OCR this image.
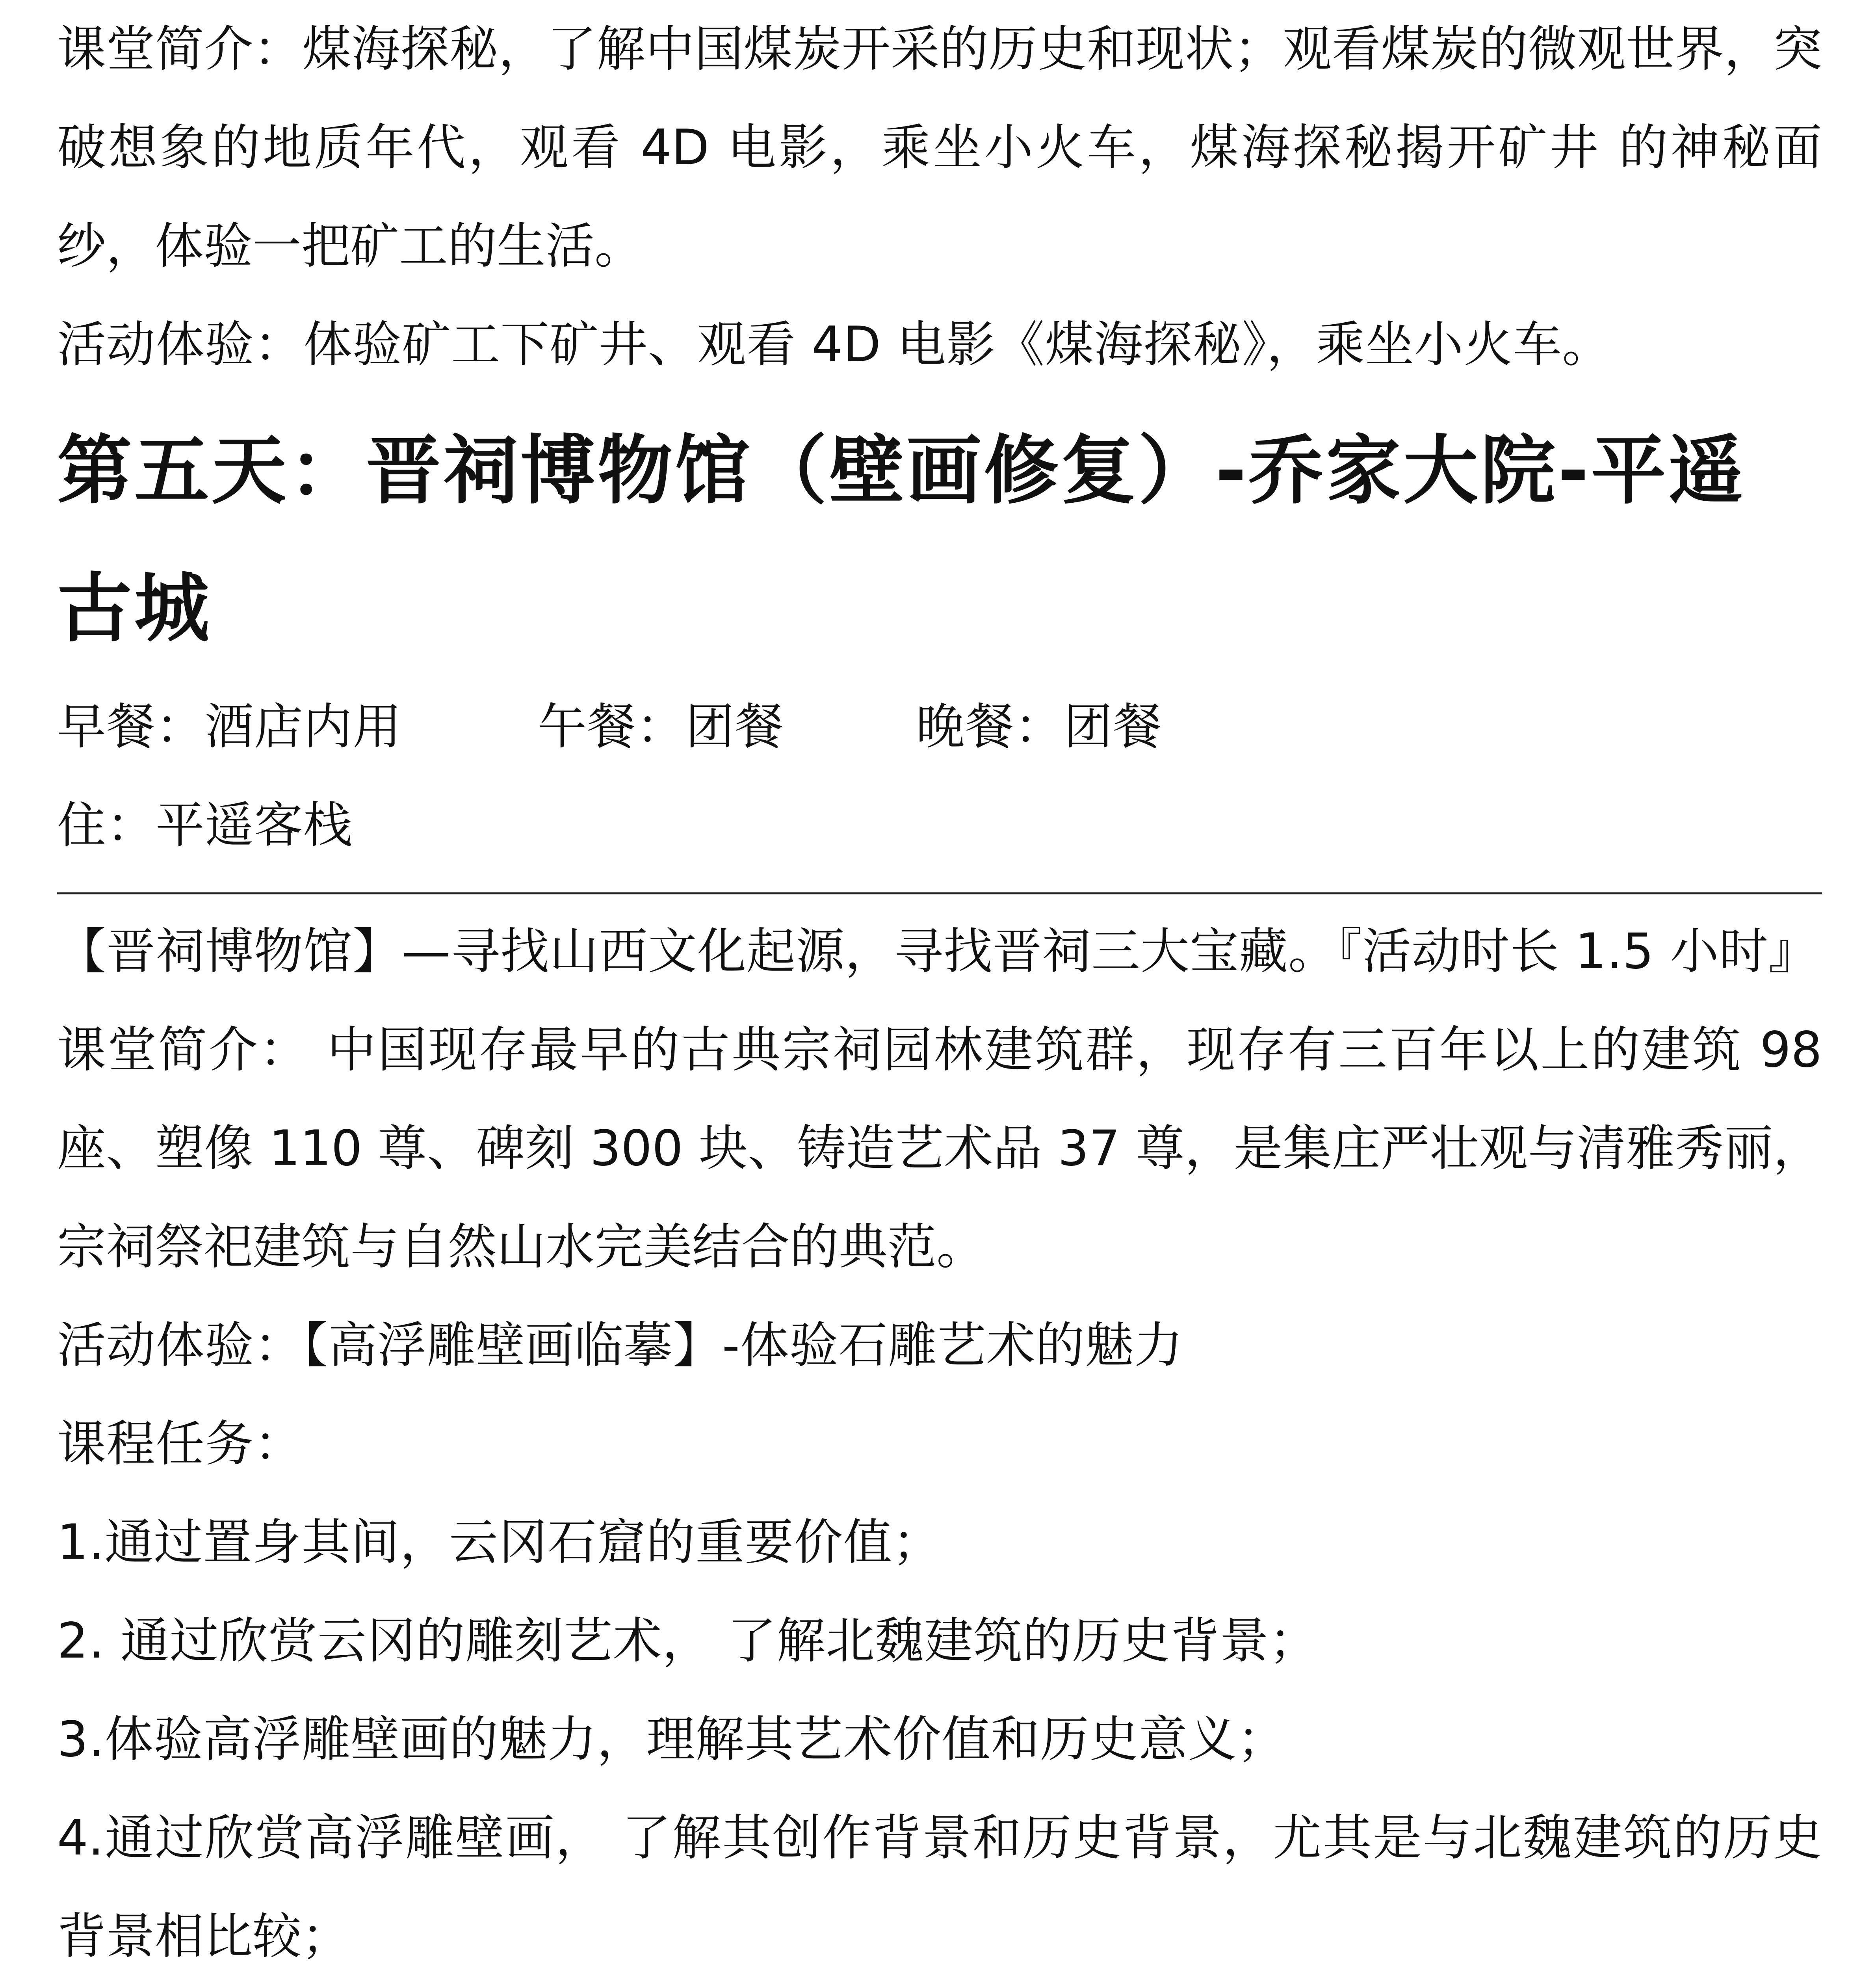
课堂简介：煤海探秘，了解中国煤炭开采的历史和现状；观看煤炭的微观世界，突破想象的地质年代，观看 4D 电影，乘坐小火车，煤海探秘揭开矿井 的神秘面纱，体验一把矿工的生活。

活动体验：体验矿工下矿井、观看 4D 电影《煤海探秘》，乘坐小火车。

第五天：晋祠博物馆（壁画修复）-乔家大院-平遥古城
早餐：酒店内用	午餐：团餐	晚餐：团餐

住：平遥客栈

【晋祠博物馆】—寻找山西文化起源，寻找晋祠三大宝藏。『活动时长 1.5 小时』

课堂简介： 中国现存最早的古典宗祠园林建筑群，现存有三百年以上的建筑 98 座、塑像 110 尊、碑刻 300 块、铸造艺术品 37 尊，是集庄严壮观与清雅秀丽，宗祠祭祀建筑与自然山水完美结合的典范。

活动体验：【高浮雕壁画临摹】-体验石雕艺术的魅力

课程任务：

1.通过置身其间，云冈石窟的重要价值；

2. 通过欣赏云冈的雕刻艺术， 了解北魏建筑的历史背景；

3.体验高浮雕壁画的魅力，理解其艺术价值和历史意义；

4.通过欣赏高浮雕壁画， 了解其创作背景和历史背景，尤其是与北魏建筑的历史背景相比较；
